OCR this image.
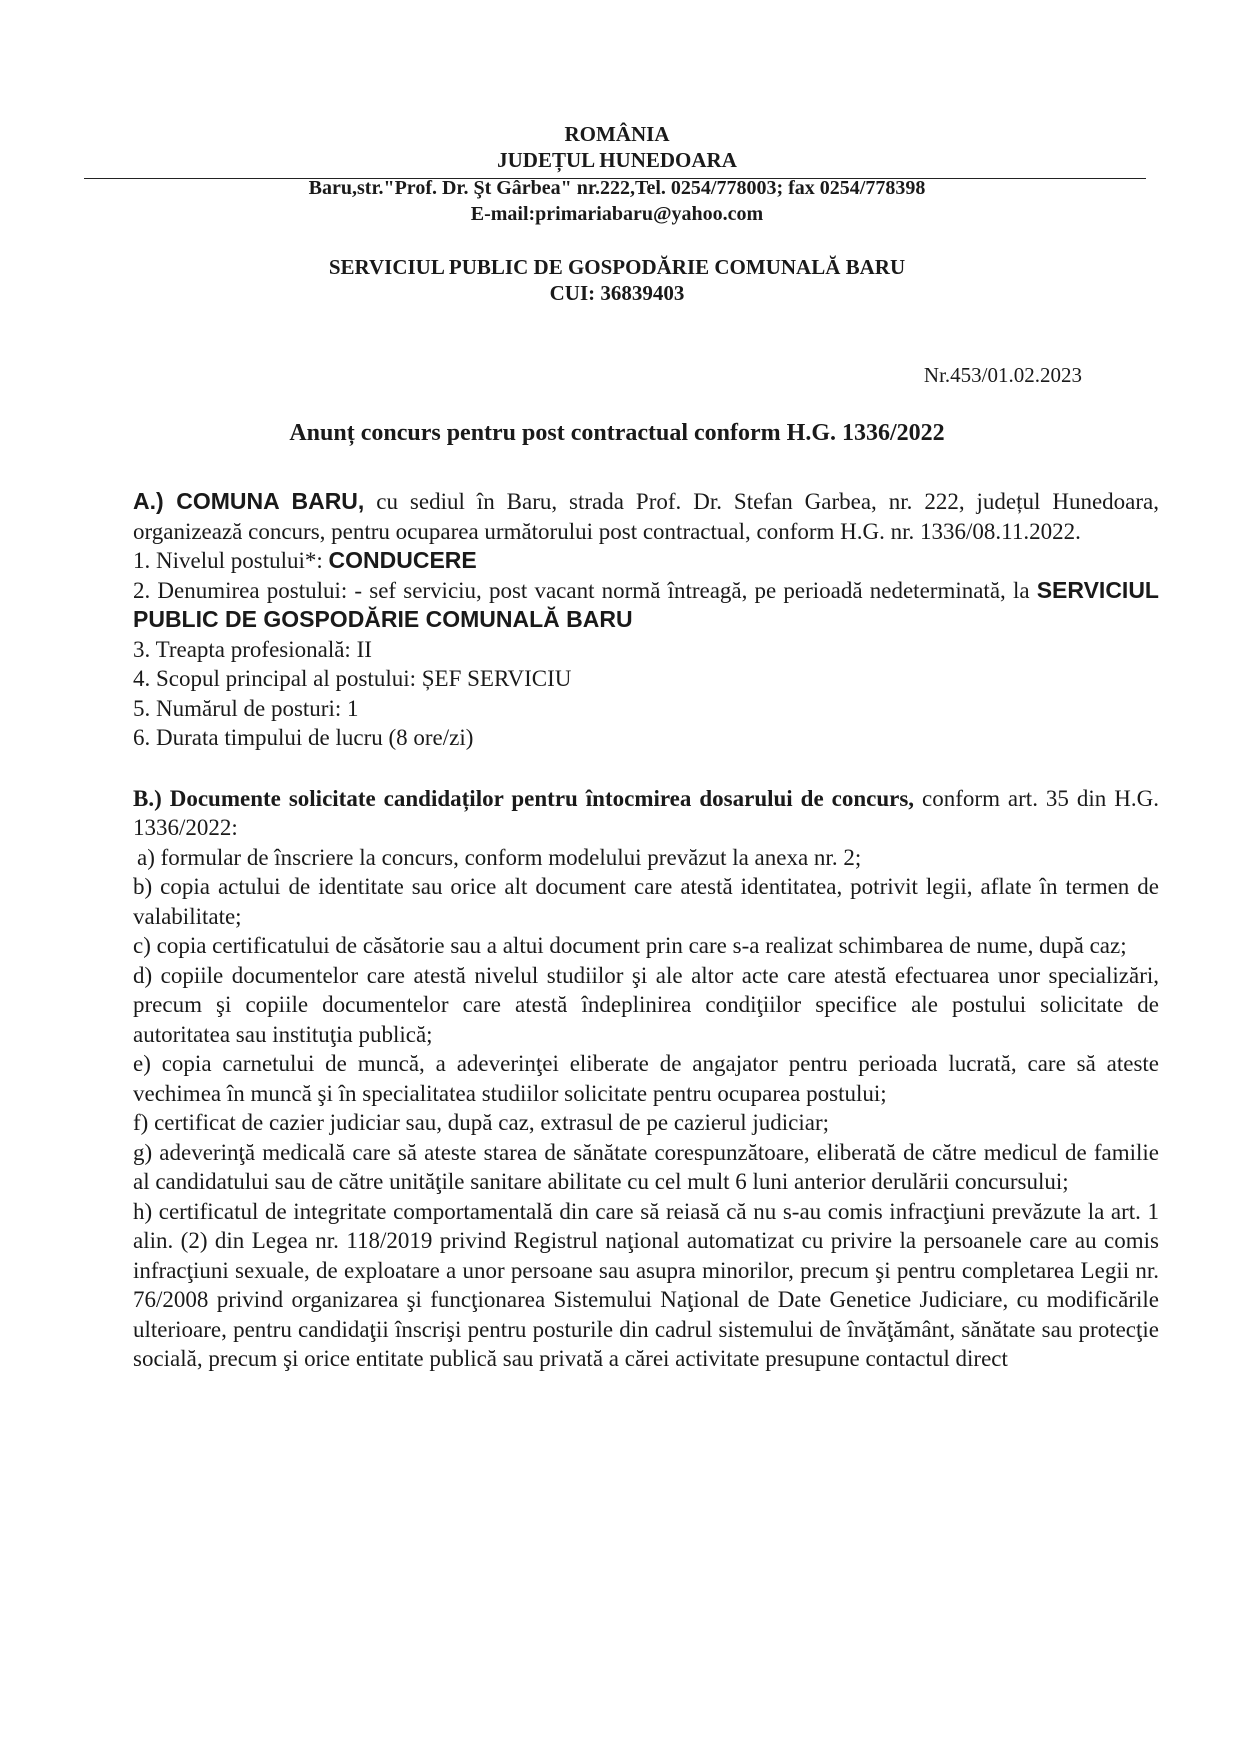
ROMÂNIA
JUDEȚUL HUNEDOARA
Baru,str."Prof. Dr. Şt Gârbea" nr.222,Tel. 0254/778003; fax 0254/778398
E-mail:primariabaru@yahoo.com
SERVICIUL PUBLIC DE GOSPODĂRIE COMUNALĂ BARU
CUI: 36839403
Nr.453/01.02.2023
Anunț concurs pentru post contractual conform H.G. 1336/2022

A.) COMUNA BARU, cu sediul în Baru, strada Prof. Dr. Stefan Garbea, nr. 222, județul Hunedoara, organizează concurs, pentru ocuparea următorului post contractual, conform H.G. nr. 1336/08.11.2022.

1. Nivelul postului*: CONDUCERE

2. Denumirea postului: - sef serviciu, post vacant normă întreagă, pe perioadă nedeterminată, la SERVICIUL PUBLIC DE GOSPODĂRIE COMUNALĂ BARU

3. Treapta profesională: II

4. Scopul principal al postului: ȘEF SERVICIU

5. Numărul de posturi: 1

6. Durata timpului de lucru (8 ore/zi)

B.) Documente solicitate candidaților pentru întocmirea dosarului de concurs, conform art. 35 din H.G. 1336/2022:

a) formular de înscriere la concurs, conform modelului prevăzut la anexa nr. 2;

b) copia actului de identitate sau orice alt document care atestă identitatea, potrivit legii, aflate în termen de valabilitate;

c) copia certificatului de căsătorie sau a altui document prin care s-a realizat schimbarea de nume, după caz;

d) copiile documentelor care atestă nivelul studiilor şi ale altor acte care atestă efectuarea unor specializări, precum şi copiile documentelor care atestă îndeplinirea condiţiilor specifice ale postului solicitate de autoritatea sau instituţia publică;

e) copia carnetului de muncă, a adeverinţei eliberate de angajator pentru perioada lucrată, care să ateste vechimea în muncă şi în specialitatea studiilor solicitate pentru ocuparea postului;

f) certificat de cazier judiciar sau, după caz, extrasul de pe cazierul judiciar;

g) adeverinţă medicală care să ateste starea de sănătate corespunzătoare, eliberată de către medicul de familie al candidatului sau de către unităţile sanitare abilitate cu cel mult 6 luni anterior derulării concursului;

h) certificatul de integritate comportamentală din care să reiasă că nu s-au comis infracţiuni prevăzute la art. 1 alin. (2) din Legea nr. 118/2019 privind Registrul naţional automatizat cu privire la persoanele care au comis infracţiuni sexuale, de exploatare a unor persoane sau asupra minorilor, precum şi pentru completarea Legii nr. 76/2008 privind organizarea şi funcţionarea Sistemului Naţional de Date Genetice Judiciare, cu modificările ulterioare, pentru candidaţii înscrişi pentru posturile din cadrul sistemului de învăţământ, sănătate sau protecţie socială, precum şi orice entitate publică sau privată a cărei activitate presupune contactul direct
